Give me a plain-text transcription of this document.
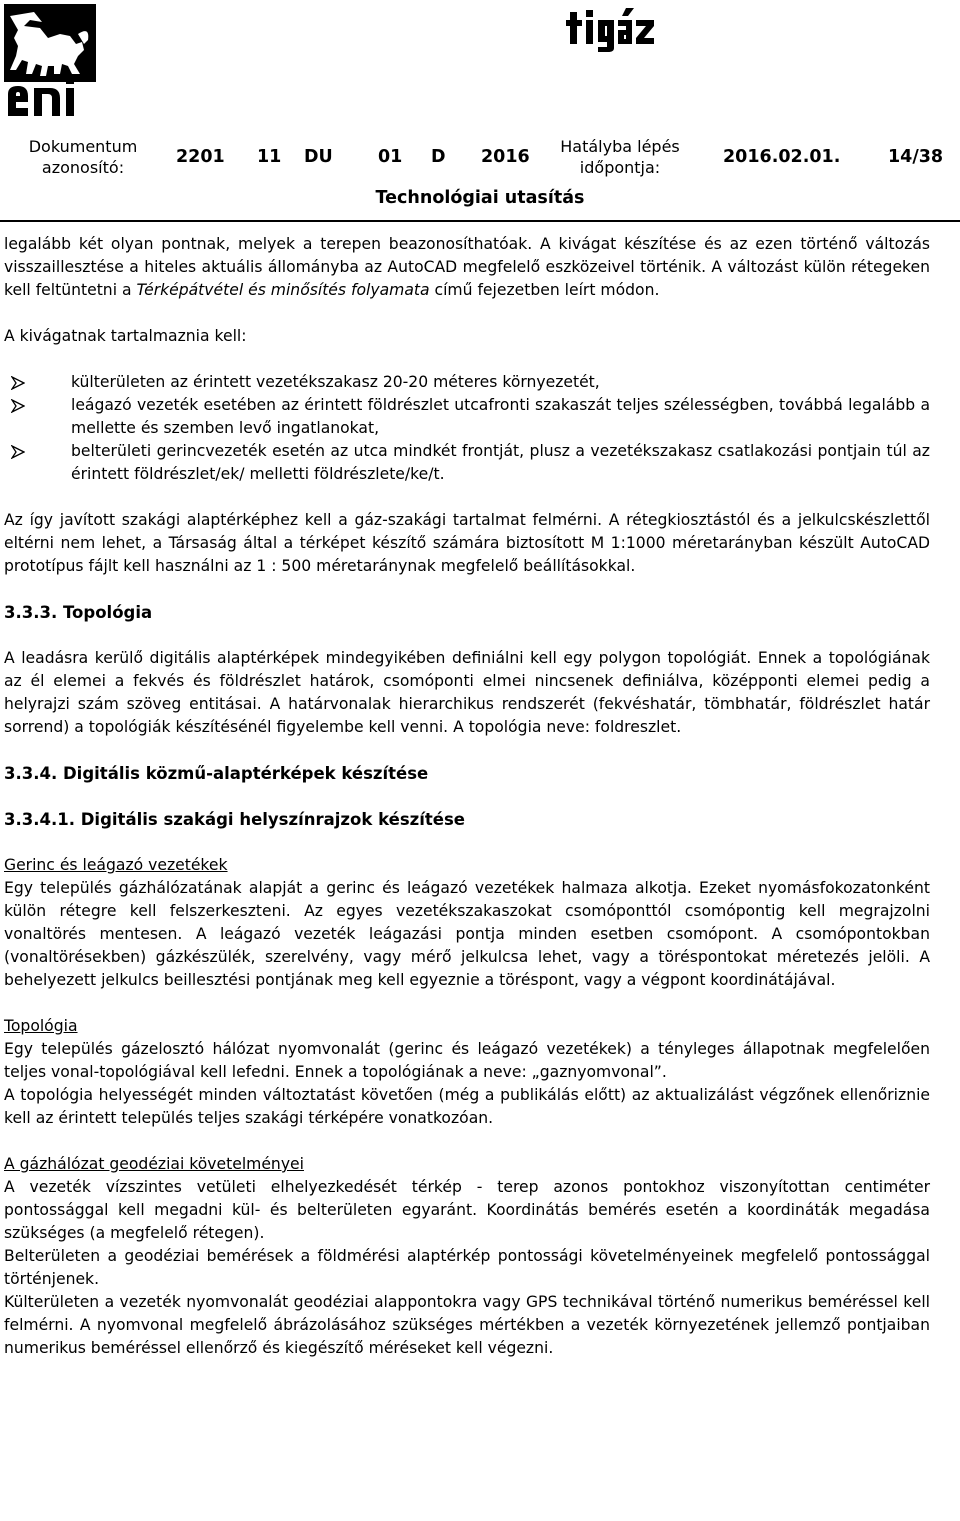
Dokumentum
azonosító:
2201 11 DU	01 D 2016
Hatályba lépés
időpontja:
2016.02.01.	14/38
Technológiai utasítás

legalább két olyan pontnak, melyek a terepen beazonosíthatóak. A kivágat készítése és az ezen történő változás visszaillesztése a hiteles aktuális állományba az AutoCAD megfelelő eszközeivel történik. A változást külön rétegeken kell feltüntetni a Térképátvétel és minősítés folyamata című fejezetben leírt módon.

A kivágatnak tartalmaznia kell:

külterületen az érintett vezetékszakasz 20-20 méteres környezetét,
leágazó vezeték esetében az érintett földrészlet utcafronti szakaszát teljes szélességben, továbbá legalább a mellette és szemben levő ingatlanokat,
belterületi gerincvezeték esetén az utca mindkét frontját, plusz a vezetékszakasz csatlakozási pontjain túl az érintett földrészlet/ek/ melletti földrészlete/ke/t.

Az így javított szakági alaptérképhez kell a gáz-szakági tartalmat felmérni. A rétegkiosztástól és a jelkulcskészlettől eltérni nem lehet, a Társaság által a térképet készítő számára biztosított M 1:1000 méretarányban készült AutoCAD prototípus fájlt kell használni az 1 : 500 méretaránynak megfelelő beállításokkal.

3.3.3. Topológia

A leadásra kerülő digitális alaptérképek mindegyikében definiálni kell egy polygon topológiát. Ennek a topológiának az él elemei a fekvés és földrészlet határok, csomóponti elmei nincsenek definiálva, középponti elemei pedig a helyrajzi szám szöveg entitásai. A határvonalak hierarchikus rendszerét (fekvéshatár, tömbhatár, földrészlet határ sorrend) a topológiák készítésénél figyelembe kell venni. A topológia neve: foldreszlet.

3.3.4. Digitális közmű-alaptérképek készítése

3.3.4.1. Digitális szakági helyszínrajzok készítése

Gerinc és leágazó vezetékek

Egy település gázhálózatának alapját a gerinc és leágazó vezetékek halmaza alkotja. Ezeket nyomásfokozatonként külön rétegre kell felszerkeszteni. Az egyes vezetékszakaszokat csomóponttól csomópontig kell megrajzolni vonaltörés mentesen. A leágazó vezeték leágazási pontja minden esetben csomópont. A csomópontokban (vonaltörésekben) gázkészülék, szerelvény, vagy mérő jelkulcsa lehet, vagy a töréspontokat méretezés jelöli. A behelyezett jelkulcs beillesztési pontjának meg kell egyeznie a töréspont, vagy a végpont koordinátájával.

Topológia

Egy település gázelosztó hálózat nyomvonalát (gerinc és leágazó vezetékek) a tényleges állapotnak megfelelően teljes vonal-topológiával kell lefedni. Ennek a topológiának a neve: „gaznyomvonal”.

A topológia helyességét minden változtatást követően (még a publikálás előtt) az aktualizálást végzőnek ellenőriznie kell az érintett település teljes szakági térképére vonatkozóan.

A gázhálózat geodéziai követelményei

A vezeték vízszintes vetületi elhelyezkedését térkép - terep azonos pontokhoz viszonyítottan centiméter pontossággal kell megadni kül- és belterületen egyaránt. Koordinátás bemérés esetén a koordináták megadása szükséges (a megfelelő rétegen).

Belterületen a geodéziai bemérések a földmérési alaptérkép pontossági követelményeinek megfelelő pontossággal történjenek.

Külterületen a vezeték nyomvonalát geodéziai alappontokra vagy GPS technikával történő numerikus beméréssel kell felmérni. A nyomvonal megfelelő ábrázolásához szükséges mértékben a vezeték környezetének jellemző pontjaiban numerikus beméréssel ellenőrző és kiegészítő méréseket kell végezni.
